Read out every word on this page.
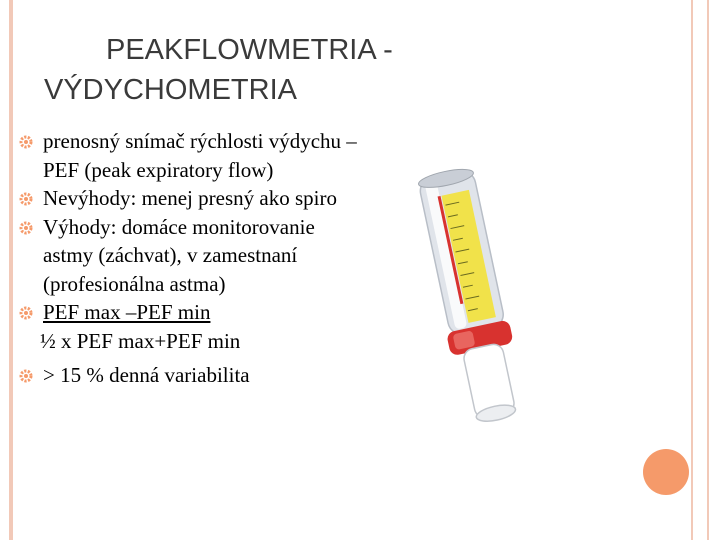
PEAKFLOWMETRIA - VÝDYCHOMETRIA
prenosný snímač rýchlosti výdychu – PEF (peak expiratory flow)
Nevýhody: menej presný ako spiro
Výhody: domáce monitorovanie astmy (záchvat), v zamestnaní (profesionálna astma)
PEF max –PEF min
½ x PEF max+PEF min
> 15 % denná variabilita
